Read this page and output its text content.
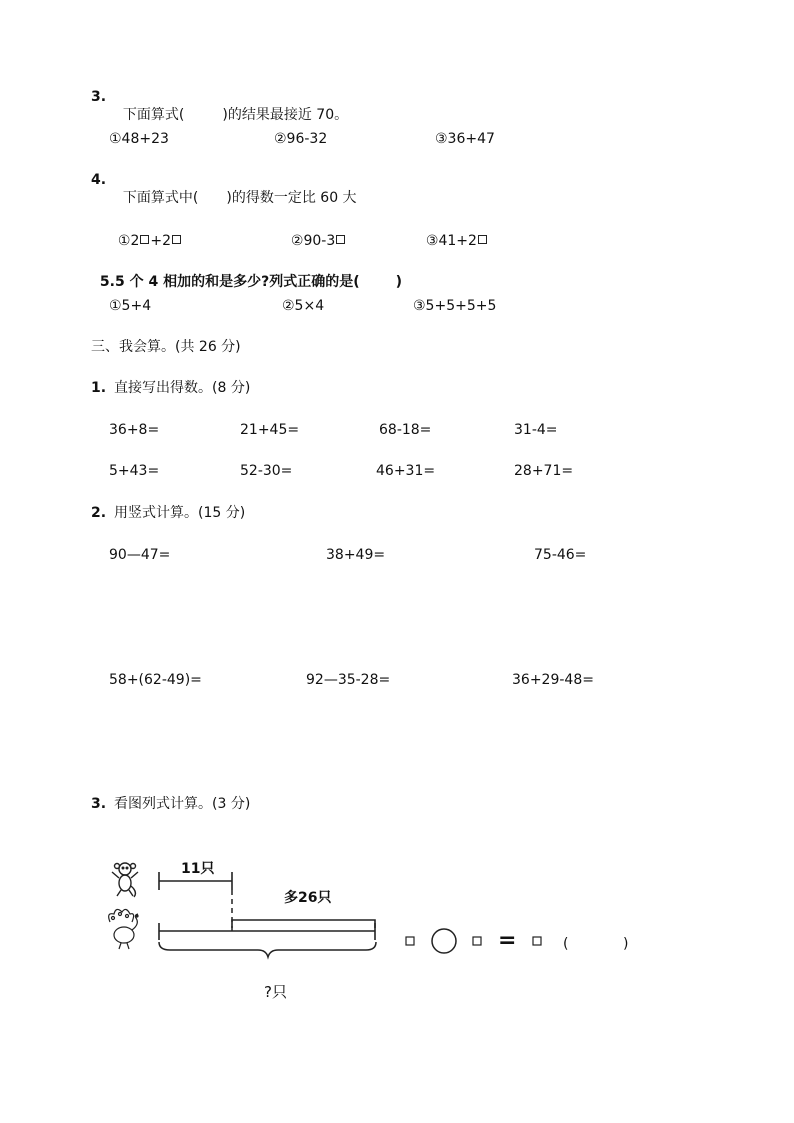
3.

下面算式(	)的结果最接近 70。

①48+23	②96-32	③36+47
4.

下面算式中( )的得数一定比 60 大

①2 +2	②90-3	③41+2

5.5 个 4 相加的和是多少?列式正确的是(	)

①5+4	②5×4	③5+5+5+5
三、我会算。(共 26 分)
1. 直接写出得数。(8 分)
36+8=	21+45=	68-18=	31-4=
5+43=	52-30=	46+31=	28+71=
2. 用竖式计算。(15 分)
90—47=	38+49=	75-46=
58+(62-49)=	92—35-28=	36+29-48=
3. 看图列式计算。(3 分)
11只
多26只
?只
=	(	)
